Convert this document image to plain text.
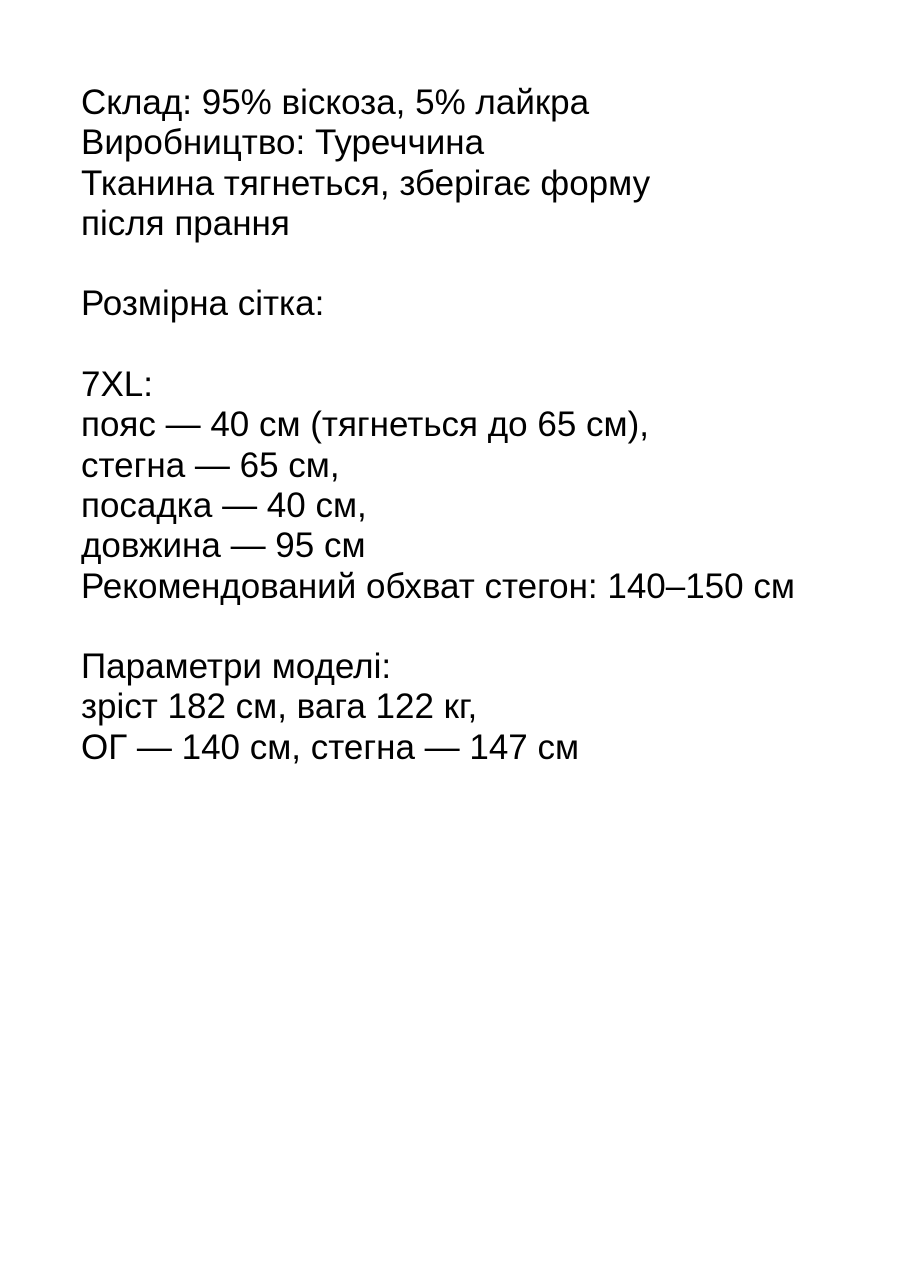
Склад: 95% віскоза, 5% лайкра
Виробництво: Туреччина
Тканина тягнеться, зберігає форму
після прання
Розмірна сітка:
7XL:
пояс — 40 см (тягнеться до 65 см),
стегна — 65 см,
посадка — 40 см,
довжина — 95 см
Рекомендований обхват стегон: 140–150 см
Параметри моделі:
зріст 182 см, вага 122 кг,
ОГ — 140 см, стегна — 147 см
